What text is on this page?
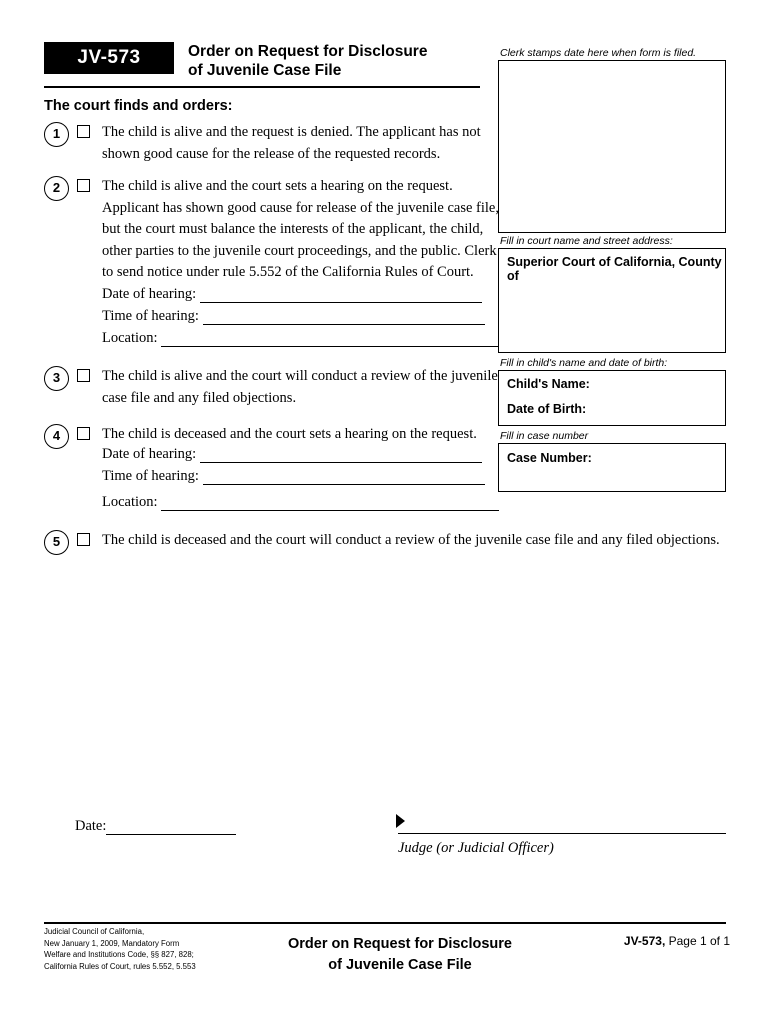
JV-573	Order on Request for Disclosure
of Juvenile Case File
Clerk stamps date here when form is filed.
Fill in court name and street address:
Superior Court of California, County of
Fill in child's name and date of birth:
Child's Name:
Date of Birth:
Fill in case number
Case Number:
The court finds and orders:
1	The child is alive and the request is denied. The applicant has not shown good cause for the release of the requested records.
2	The child is alive and the court sets a hearing on the request. Applicant has shown good cause for release of the juvenile case file, but the court must balance the interests of the applicant, the child, other parties to the juvenile court proceedings, and the public. Clerk to send notice under rule 5.552 of the California Rules of Court.
Date of hearing:
Time of hearing:
Location:
3	The child is alive and the court will conduct a review of the juvenile case file and any filed objections.
4	The child is deceased and the court sets a hearing on the request.
Date of hearing:
Time of hearing:
Location:
5	The child is deceased and the court will conduct a review of the juvenile case file and any filed objections.
Date:
Judge (or Judicial Officer)
Judicial Council of California,
New January 1, 2009, Mandatory Form
Welfare and Institutions Code, §§ 827, 828;
California Rules of Court, rules 5.552, 5.553
Order on Request for Disclosure
of Juvenile Case File
JV-573, Page 1 of 1
